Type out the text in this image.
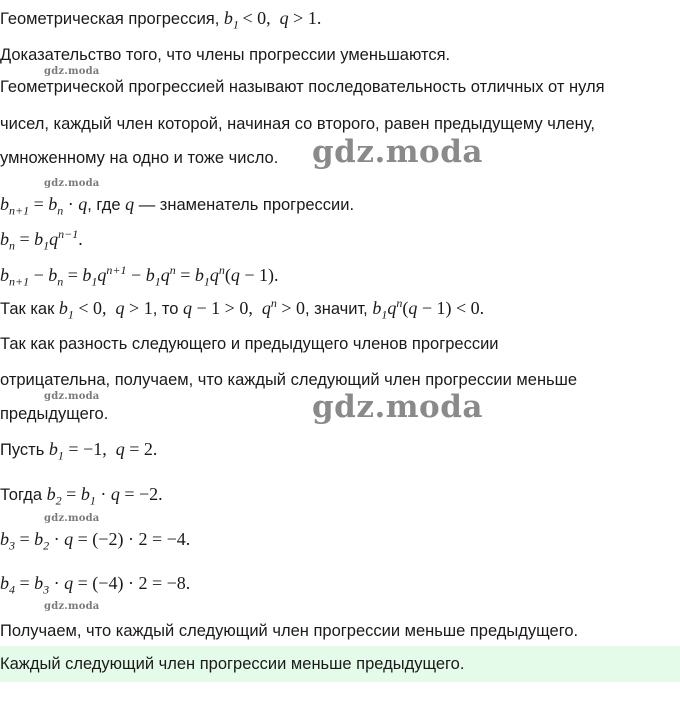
Геометрическая прогрессия, $b_1 < 0$,  q > 1.
Доказательство того, что члены прогрессии уменьшаются.
gdz.moda
Геометрической прогрессией называют последовательность отличных от нуля
чисел, каждый член которой, начиная со второго, равен предыдущему члену,
умноженному на одно и тоже число. gdz.moda
gdz.moda
$b_{n+1} = b_n \cdot q$, где q — знаменатель прогрессии.
$b_n = b_1q^{n-1}$.
$b_{n+1} - b_n = b_1q^{n+1} - b_1q^n = b_1q^n(q - 1)$.
Так как $b_1 < 0$,  q > 1, то q − 1 > 0,  $q^n > 0$, значит, $b_1q^n(q - 1) < 0$.
Так как разность следующего и предыдущего членов прогрессии
отрицательна, получаем, что каждый следующий член прогрессии меньше
gdz.moda
предыдущего.	gdz.moda
Пусть $b_1 = -1$,  q = 2.
Тогда $b_2 = b_1 \cdot q = -2$.
gdz.moda
$b_3 = b_2 \cdot q = (-2) \cdot 2 = -4$.
$b_4 = b_3 \cdot q = (-4) \cdot 2 = -8$.
gdz.moda
Получаем, что каждый следующий член прогрессии меньше предыдущего.
Каждый следующий член прогрессии меньше предыдущего.
